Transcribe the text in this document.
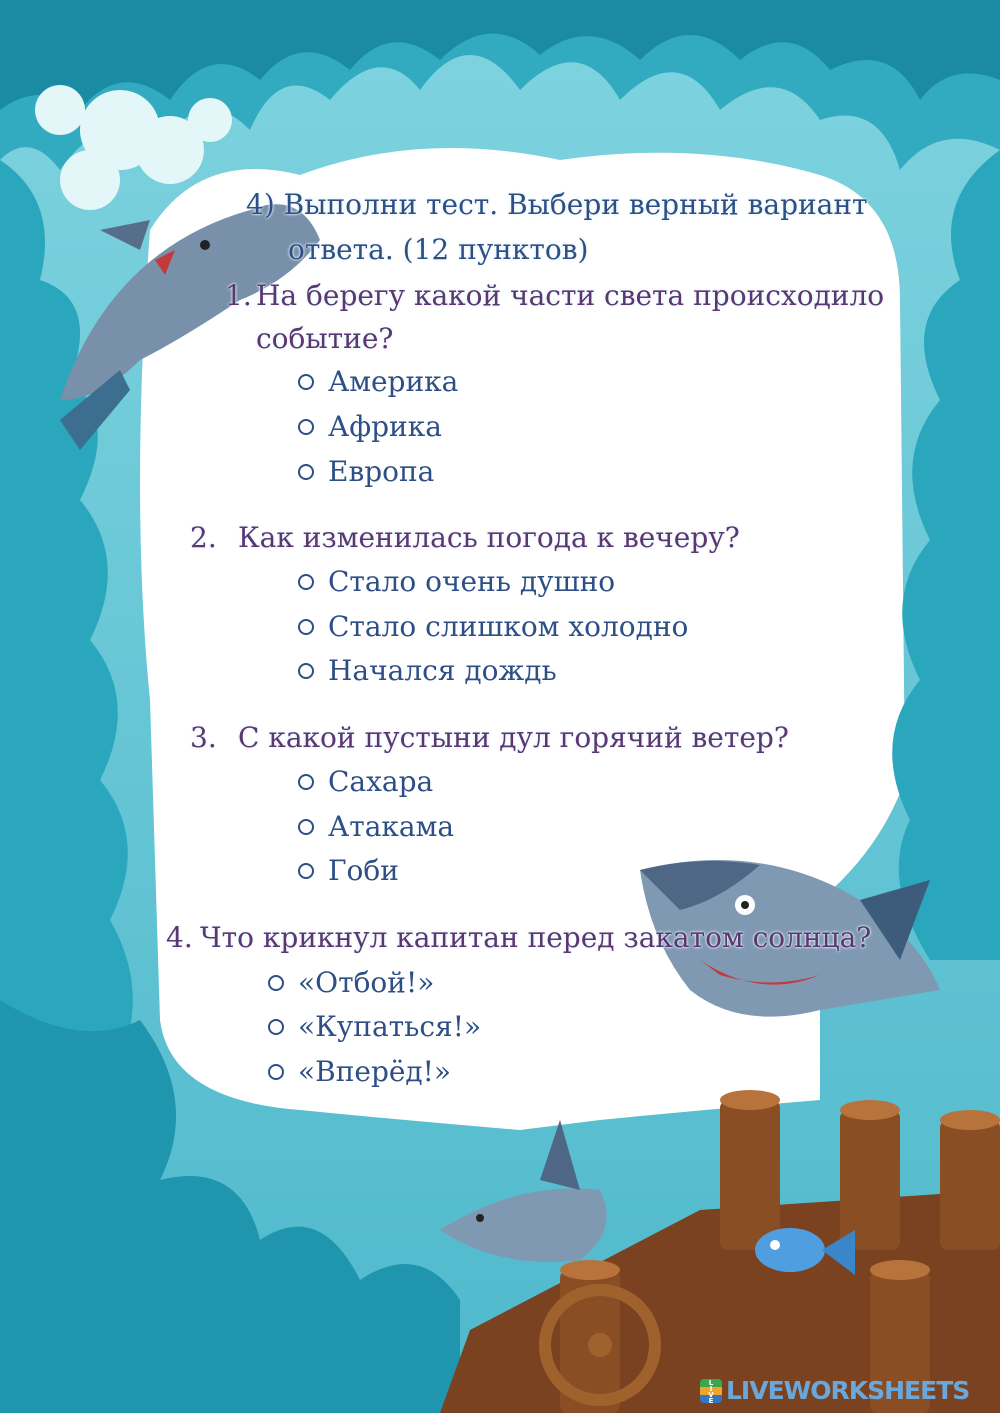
4) Выполни тест. Выбери верный вариант

ответа. (12 пунктов)

1. На берегу какой части света происходило

событие?

Америка
Африка
Европа

2. Как изменилась погода к вечеру?

Стало очень душно
Стало слишком холодно
Начался дождь

3. С какой пустыни дул горячий ветер?

Сахара
Атакама
Гоби

4. Что крикнул капитан перед закатом солнца?

«Отбой!»
«Купаться!»
«Вперёд!»
L
I
V
E LIVEWORKSHEETS
